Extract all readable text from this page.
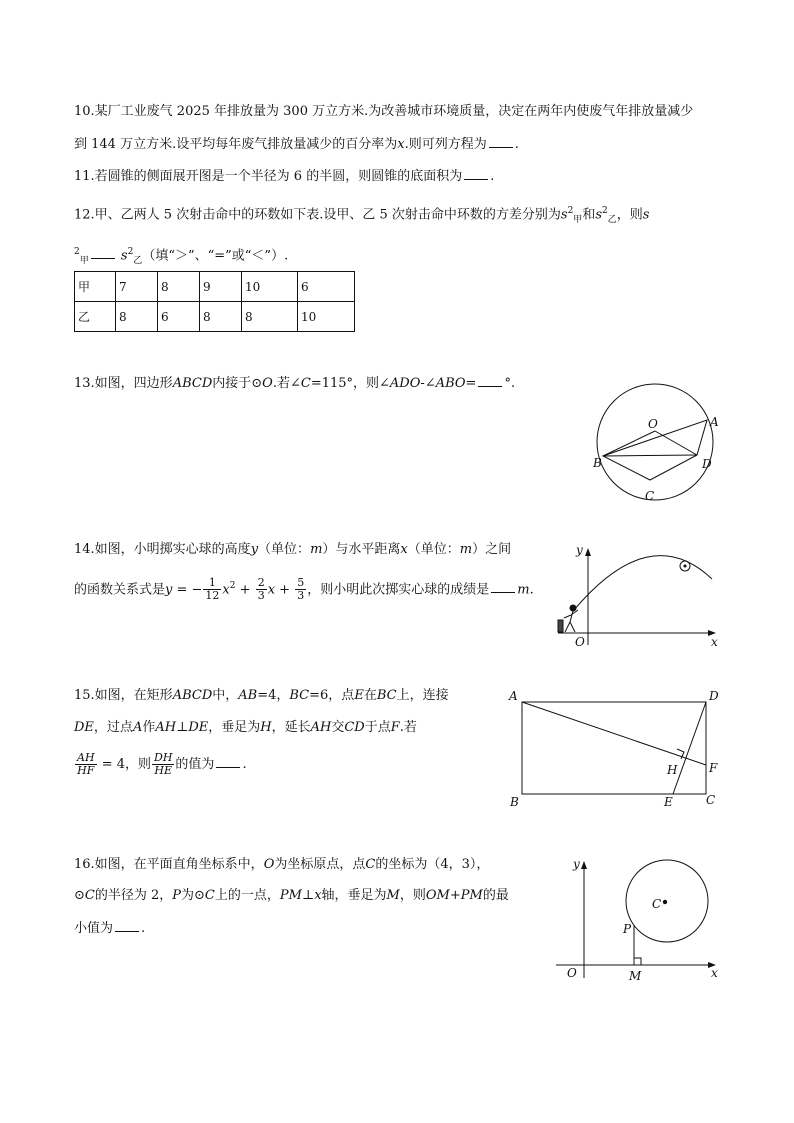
10.某厂工业废气 2025 年排放量为 300 万立方米.为改善城市环境质量，决定在两年内使废气年排放量减少
到 144 万立方米.设平均每年废气排放量减少的百分率为x.则可列方程为 .
11.若圆锥的侧面展开图是一个半径为 6 的半圆，则圆锥的底面积为 .
12.甲、乙两人 5 次射击命中的环数如下表.设甲、乙 5 次射击命中环数的方差分别为$s^2_甲$和$s^2_乙$，则s
$^2_甲$ $s^2_乙$（填“＞”、“=”或“＜”）.
甲	7	8	9	10	6
乙	8	6	8	8	10
13.如图，四边形ABCD内接于⊙O.若∠C=115°，则∠ADO-∠ABO= °.
O	A
B	D
C
14.如图，小明掷实心球的高度y（单位：m）与水平距离x（单位：m）之间
的函数关系式是y = − $\frac{1}{12} x^2 + \frac{2}{3}$ $x + \frac{5}{3}$ ，则小明此次掷实心球的成绩是 m.
y
x
O
15.如图，在矩形ABCD中，AB=4，BC=6，点E在BC上，连接
DE，过点A作AH⊥DE，垂足为H，延长AH交CD于点F.若
$\frac{AH}{HF} = 4$，则 $\frac{DH}{HE}$ 的值为 .
A	D
B	C
E
F
H
16.如图，在平面直角坐标系中，O为坐标原点，点C的坐标为（4，3），
⊙C的半径为 2，P为⊙C上的一点，PM⊥x轴，垂足为M，则OM+PM的最
小值为 .
y
x
O	M
P
C
